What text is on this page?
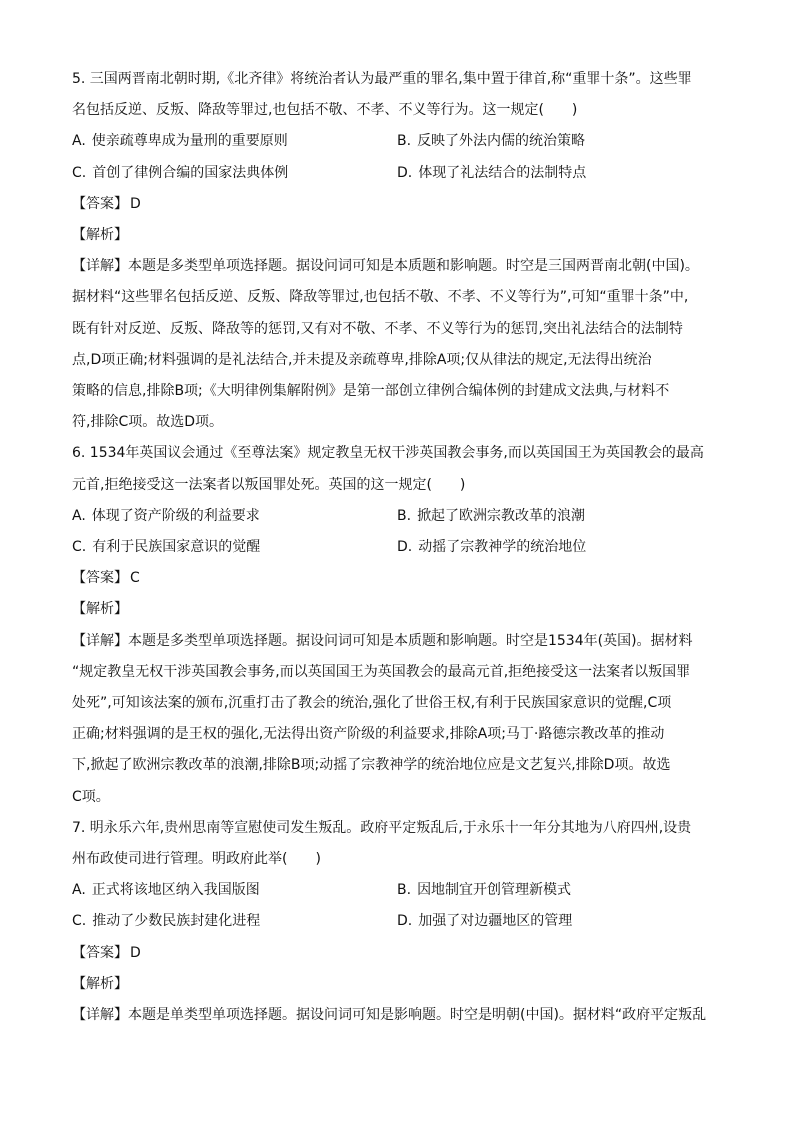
5. 三国两晋南北朝时期,《北齐律》将统治者认为最严重的罪名,集中置于律首,称“重罪十条”。这些罪
名包括反逆、反叛、降敌等罪过,也包括不敬、不孝、不义等行为。这一规定(　　)
A. 使亲疏尊卑成为量刑的重要原则	B. 反映了外法内儒的统治策略
C. 首创了律例合编的国家法典体例	D. 体现了礼法结合的法制特点
【答案】 D
【解析】
【详解】本题是多类型单项选择题。据设问词可知是本质题和影响题。时空是三国两晋南北朝(中国)。
据材料“这些罪名包括反逆、反叛、降敌等罪过,也包括不敬、不孝、不义等行为”,可知“重罪十条”中,
既有针对反逆、反叛、降敌等的惩罚,又有对不敬、不孝、不义等行为的惩罚,突出礼法结合的法制特
点,D项正确;材料强调的是礼法结合,并未提及亲疏尊卑,排除A项;仅从律法的规定,无法得出统治
策略的信息,排除B项;《大明律例集解附例》是第一部创立律例合编体例的封建成文法典,与材料不
符,排除C项。故选D项。
6. 1534年英国议会通过《至尊法案》规定教皇无权干涉英国教会事务,而以英国国王为英国教会的最高
元首,拒绝接受这一法案者以叛国罪处死。英国的这一规定(　　)
A. 体现了资产阶级的利益要求	B. 掀起了欧洲宗教改革的浪潮
C. 有利于民族国家意识的觉醒	D. 动摇了宗教神学的统治地位
【答案】 C
【解析】
【详解】本题是多类型单项选择题。据设问词可知是本质题和影响题。时空是1534年(英国)。据材料
“规定教皇无权干涉英国教会事务,而以英国国王为英国教会的最高元首,拒绝接受这一法案者以叛国罪
处死”,可知该法案的颁布,沉重打击了教会的统治,强化了世俗王权,有利于民族国家意识的觉醒,C项
正确;材料强调的是王权的强化,无法得出资产阶级的利益要求,排除A项;马丁·路德宗教改革的推动
下,掀起了欧洲宗教改革的浪潮,排除B项;动摇了宗教神学的统治地位应是文艺复兴,排除D项。故选
C项。
7. 明永乐六年,贵州思南等宣慰使司发生叛乱。政府平定叛乱后,于永乐十一年分其地为八府四州,设贵
州布政使司进行管理。明政府此举(　　)
A. 正式将该地区纳入我国版图	B. 因地制宜开创管理新模式
C. 推动了少数民族封建化进程	D. 加强了对边疆地区的管理
【答案】 D
【解析】
【详解】本题是单类型单项选择题。据设问词可知是影响题。时空是明朝(中国)。据材料“政府平定叛乱
